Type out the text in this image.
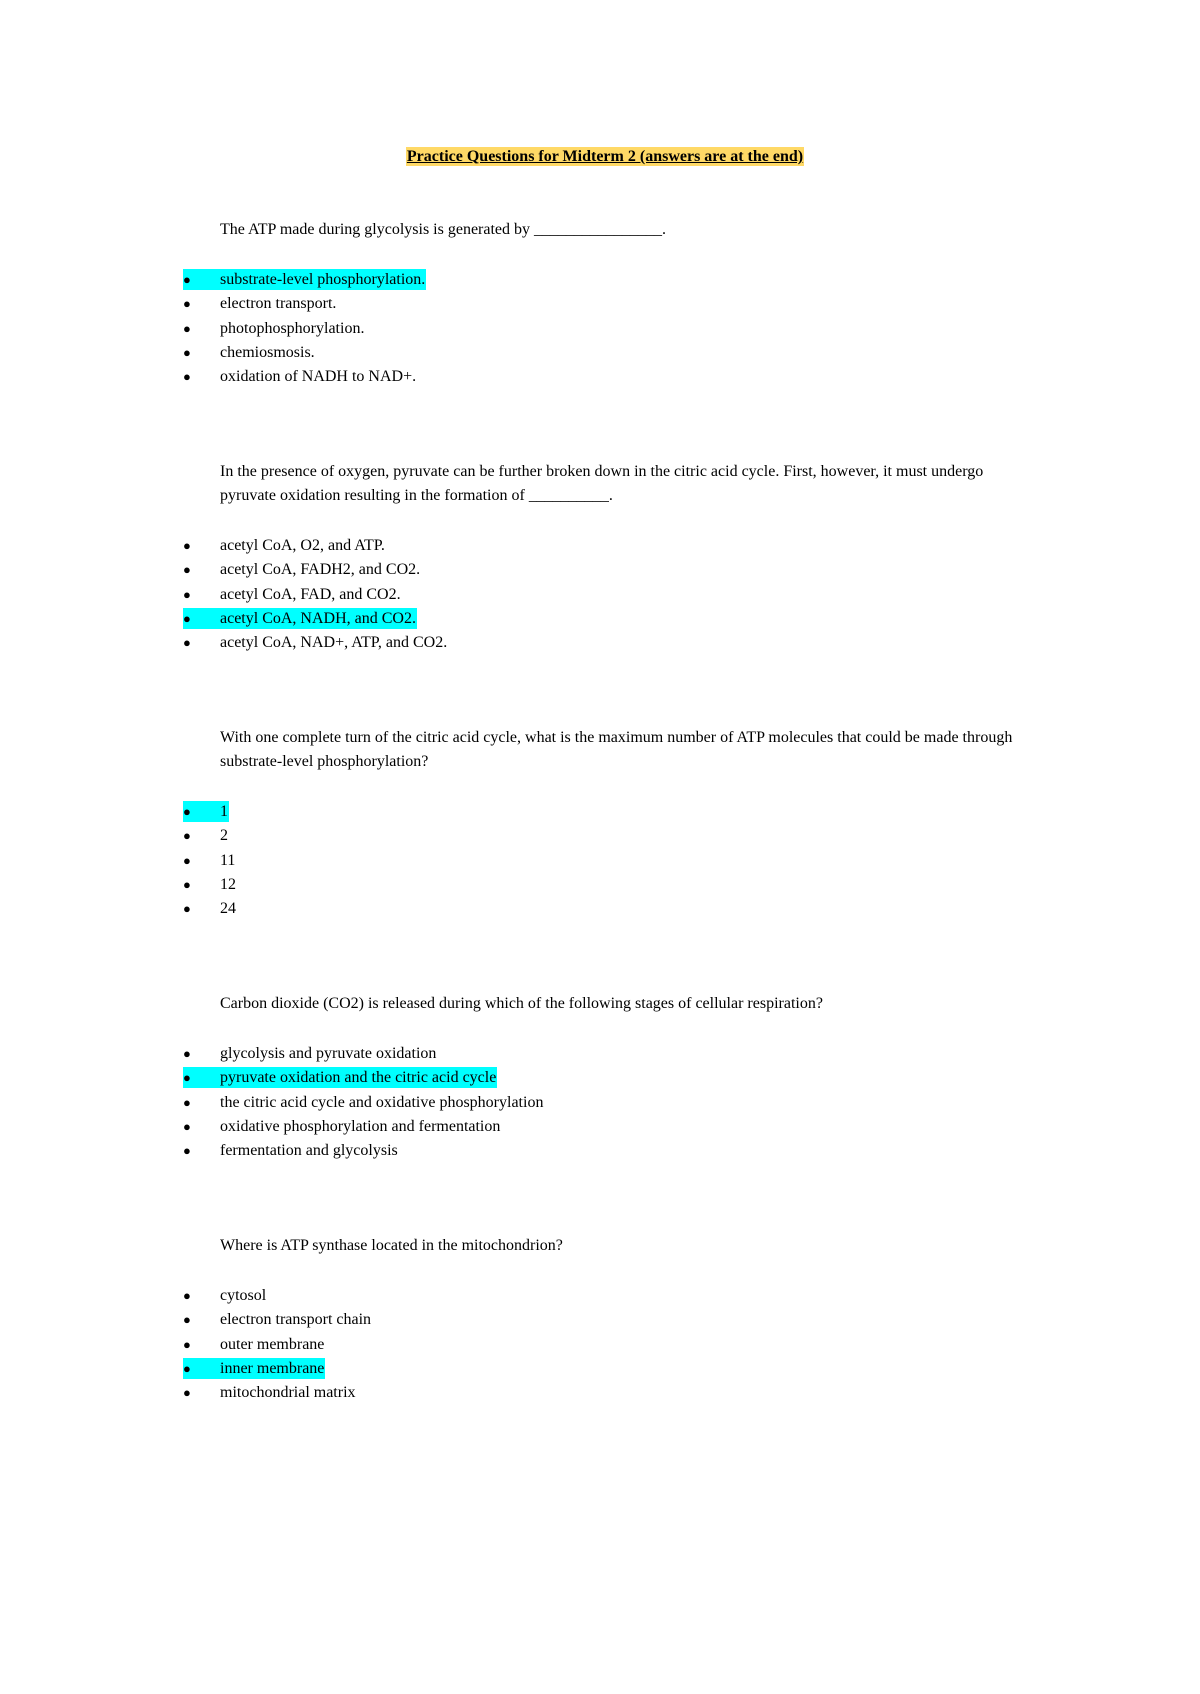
Practice Questions for Midterm 2 (answers are at the end)

The ATP made during glycolysis is generated by ________________.

● substrate-level phosphorylation.
● electron transport.
● photophosphorylation.
● chemiosmosis.
● oxidation of NADH to NAD+.

In the presence of oxygen, pyruvate can be further broken down in the citric acid cycle. First, however, it must undergo pyruvate oxidation resulting in the formation of __________.

● acetyl CoA, O2, and ATP.
● acetyl CoA, FADH2, and CO2.
● acetyl CoA, FAD, and CO2.
● acetyl CoA, NADH, and CO2.
● acetyl CoA, NAD+, ATP, and CO2.

With one complete turn of the citric acid cycle, what is the maximum number of ATP molecules that could be made through substrate-level phosphorylation?

● 1
● 2
● 11
● 12
● 24

Carbon dioxide (CO2) is released during which of the following stages of cellular respiration?

● glycolysis and pyruvate oxidation
● pyruvate oxidation and the citric acid cycle
● the citric acid cycle and oxidative phosphorylation
● oxidative phosphorylation and fermentation
● fermentation and glycolysis

Where is ATP synthase located in the mitochondrion?

● cytosol
● electron transport chain
● outer membrane
● inner membrane
● mitochondrial matrix
